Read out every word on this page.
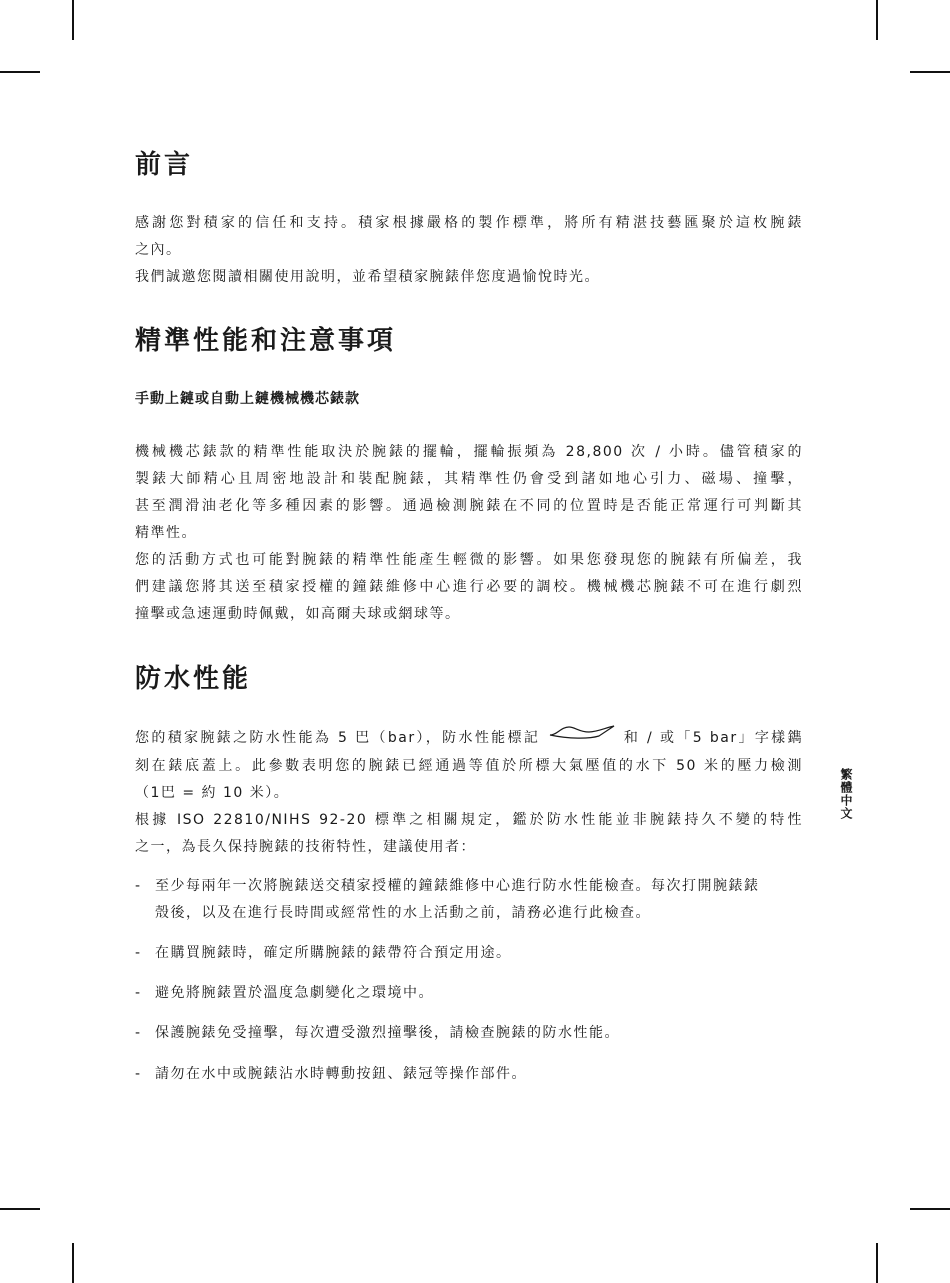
前言
感謝您對積家的信任和支持。積家根據嚴格的製作標準，將所有精湛技藝匯聚於這枚腕錶
之內。
我們誠邀您閱讀相關使用說明，並希望積家腕錶伴您度過愉悅時光。
精準性能和注意事項
手動上鏈或自動上鏈機械機芯錶款
機械機芯錶款的精準性能取決於腕錶的擺輪，擺輪振頻為 28,800 次 / 小時。儘管積家的
製錶大師精心且周密地設計和裝配腕錶，其精準性仍會受到諸如地心引力、磁場、撞擊，
甚至潤滑油老化等多種因素的影響。通過檢測腕錶在不同的位置時是否能正常運行可判斷其
精準性。
您的活動方式也可能對腕錶的精準性能產生輕微的影響。如果您發現您的腕錶有所偏差，我
們建議您將其送至積家授權的鐘錶維修中心進行必要的調校。機械機芯腕錶不可在進行劇烈
撞擊或急速運動時佩戴，如高爾夫球或網球等。
防水性能
您的積家腕錶之防水性能為 5 巴（bar），防水性能標記	和 / 或「5 bar」字樣鐫
刻在錶底蓋上。此參數表明您的腕錶已經通過等值於所標大氣壓值的水下 50 米的壓力檢測
（1巴 = 約 10 米）。
根據 ISO 22810/NIHS 92-20 標準之相關規定，鑑於防水性能並非腕錶持久不變的特性
之一，為長久保持腕錶的技術特性，建議使用者：
- 至少每兩年一次將腕錶送交積家授權的鐘錶維修中心進行防水性能檢查。每次打開腕錶錶
殼後，以及在進行長時間或經常性的水上活動之前，請務必進行此檢查。
- 在購買腕錶時，確定所購腕錶的錶帶符合預定用途。
- 避免將腕錶置於溫度急劇變化之環境中。
- 保護腕錶免受撞擊，每次遭受激烈撞擊後，請檢查腕錶的防水性能。
- 請勿在水中或腕錶沾水時轉動按鈕、錶冠等操作部件。
繁體中文
